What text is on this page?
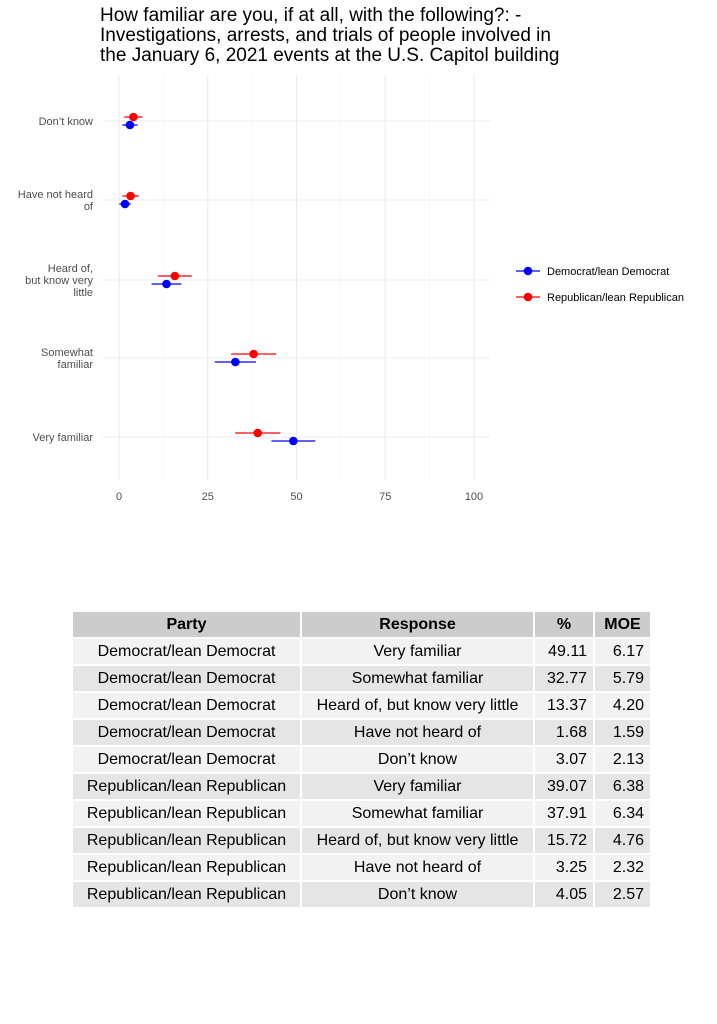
How familiar are you, if at all, with the following?: -
Investigations, arrests, and trials of people involved in
the January 6, 2021 events at the U.S. Capitol building
Don’t know
Have not heard
of
Heard of,
but know very
little
Somewhat
familiar
Very familiar
0	25	50	75	100
Democrat/lean Democrat
Republican/lean Republican
Party	Response	%	MOE
Democrat/lean Democrat	Very familiar	49.11	6.17
Democrat/lean Democrat	Somewhat familiar	32.77	5.79
Democrat/lean Democrat	Heard of, but know very little	13.37	4.20
Democrat/lean Democrat	Have not heard of	1.68	1.59
Democrat/lean Democrat	Don’t know	3.07	2.13
Republican/lean Republican	Very familiar	39.07	6.38
Republican/lean Republican	Somewhat familiar	37.91	6.34
Republican/lean Republican	Heard of, but know very little	15.72	4.76
Republican/lean Republican	Have not heard of	3.25	2.32
Republican/lean Republican	Don’t know	4.05	2.57
